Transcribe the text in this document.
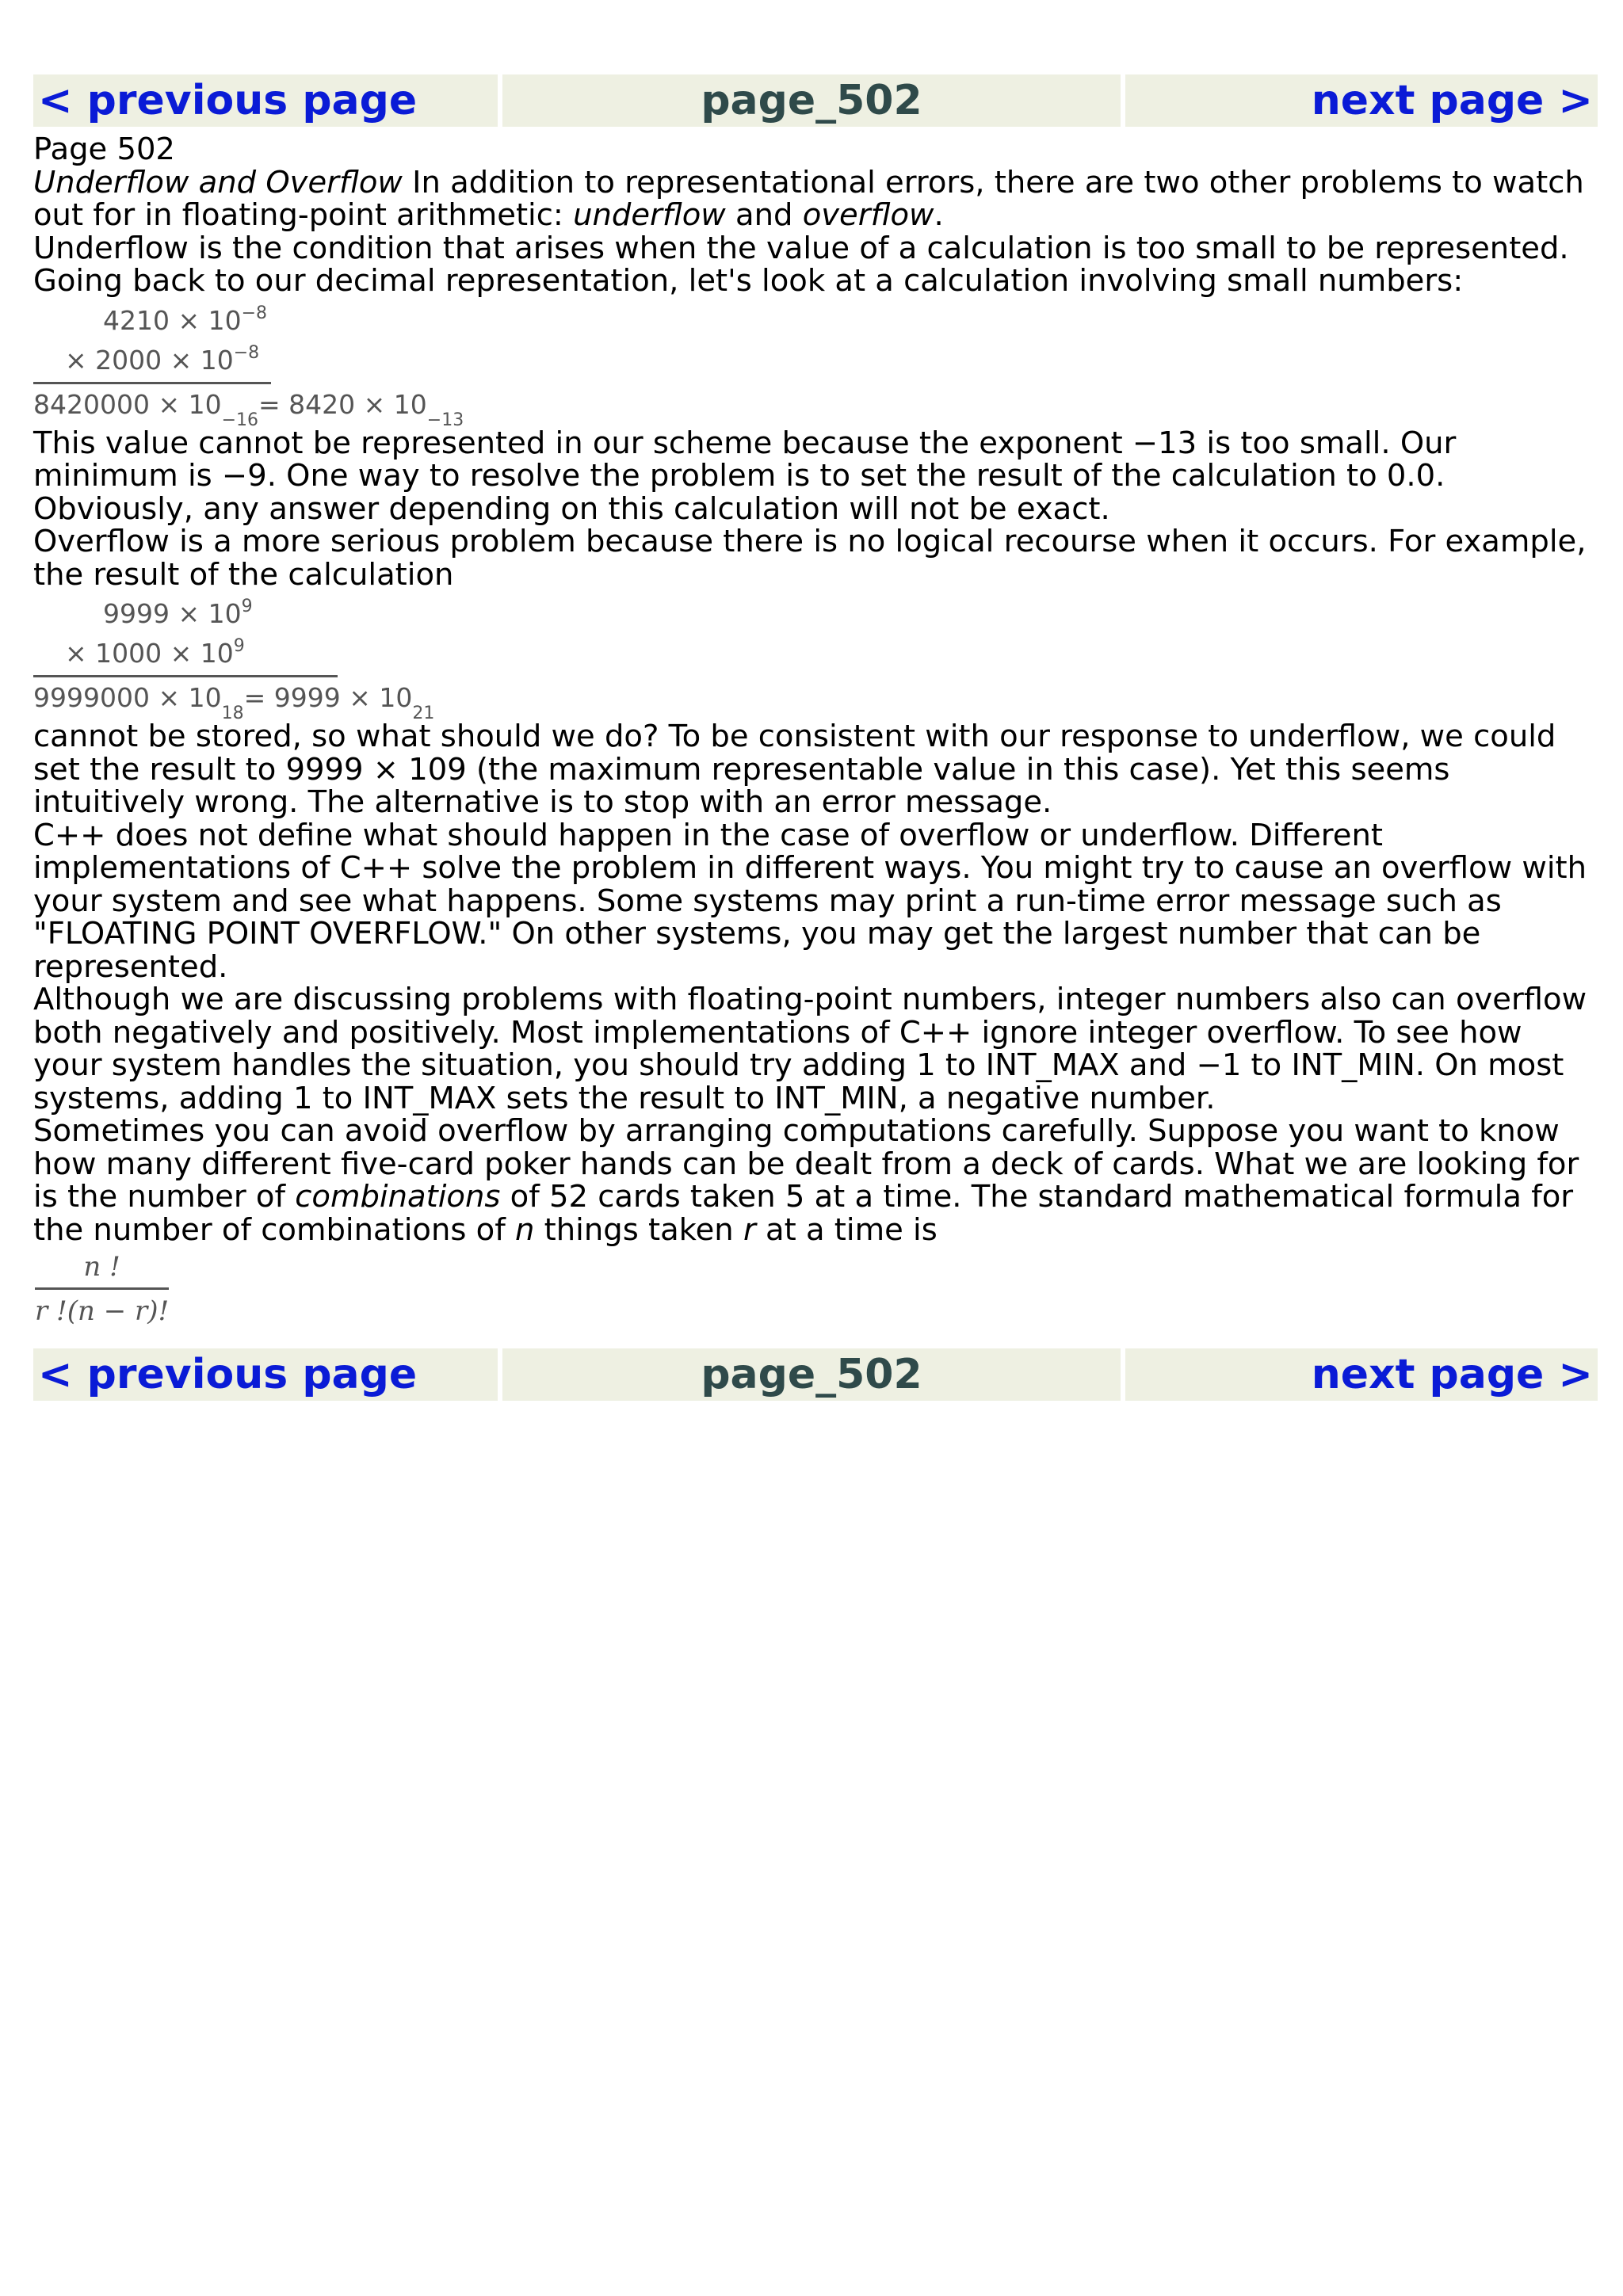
< previous page	page_502	next page >

Page 502

Underflow and Overflow In addition to representational errors, there are two other problems to watch out for in floating-point arithmetic: underflow and overflow.

Underflow is the condition that arises when the value of a calculation is too small to be represented. Going back to our decimal representation, let's look at a calculation involving small numbers:

$4210 \times 10^{-8}$
× $2000 \times 10^{-8}$
8420000 × 10
−16
= 8420 × 10
−13

This value cannot be represented in our scheme because the exponent −13 is too small. Our minimum is −9. One way to resolve the problem is to set the result of the calculation to 0.0. Obviously, any answer depending on this calculation will not be exact.

Overflow is a more serious problem because there is no logical recourse when it occurs. For example, the result of the calculation

$9999 \times 10^9$
× $1000 \times 10^9$
9999000 × 10
18
= 9999 × 10
21

cannot be stored, so what should we do? To be consistent with our response to underflow, we could set the result to 9999 × 109 (the maximum representable value in this case). Yet this seems intuitively wrong. The alternative is to stop with an error message.

C++ does not define what should happen in the case of overflow or underflow. Different implementations of C++ solve the problem in different ways. You might try to cause an overflow with your system and see what happens. Some systems may print a run-time error message such as "FLOATING POINT OVERFLOW." On other systems, you may get the largest number that can be represented.

Although we are discussing problems with floating-point numbers, integer numbers also can overflow both negatively and positively. Most implementations of C++ ignore integer overflow. To see how your system handles the situation, you should try adding 1 to INT_MAX and −1 to INT_MIN. On most systems, adding 1 to INT_MAX sets the result to INT_MIN, a negative number.

Sometimes you can avoid overflow by arranging computations carefully. Suppose you want to know how many different five-card poker hands can be dealt from a deck of cards. What we are looking for is the number of combinations of 52 cards taken 5 at a time. The standard mathematical formula for the number of combinations of n things taken r at a time is

$\frac{n !}{r !(n - r)!}$
< previous page	page_502	next page >
